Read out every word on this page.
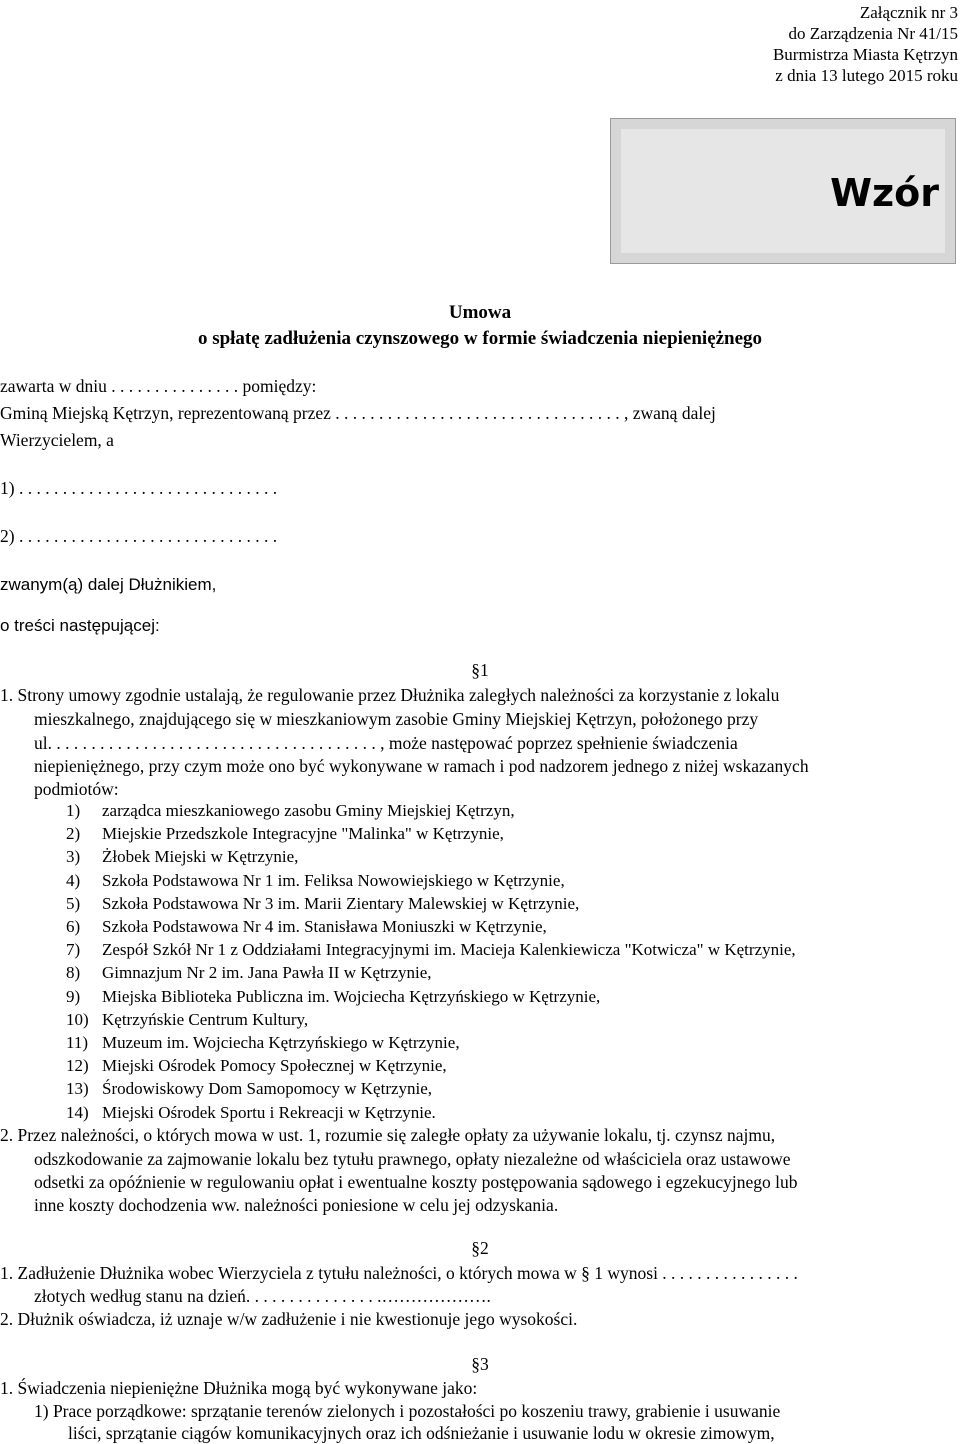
Załącznik nr 3
do Zarządzenia Nr 41/15
Burmistrza Miasta Kętrzyn
z dnia 13 lutego 2015 roku
Wzór
Umowa
o spłatę zadłużenia czynszowego w formie świadczenia niepieniężnego
zawarta w dniu . . . . . . . . . . . . . . . pomiędzy:
Gminą Miejską Kętrzyn, reprezentowaną przez . . . . . . . . . . . . . . . . . . . . . . . . . . . . . . . . . , zwaną dalej
Wierzycielem, a
1) . . . . . . . . . . . . . . . . . . . . . . . . . . . . . .
2) . . . . . . . . . . . . . . . . . . . . . . . . . . . . . .
zwanym(ą) dalej Dłużnikiem,
o treści następującej:
§1
1. Strony umowy zgodnie ustalają, że regulowanie przez Dłużnika zaległych należności za korzystanie z lokalu
mieszkalnego, znajdującego się w mieszkaniowym zasobie Gminy Miejskiej Kętrzyn, położonego przy
ul. . . . . . . . . . . . . . . . . . . . . . . . . . . . . . . . . . . . . . , może następować poprzez spełnienie świadczenia
niepieniężnego, przy czym może ono być wykonywane w ramach i pod nadzorem jednego z niżej wskazanych
podmiotów:
1) zarządca mieszkaniowego zasobu Gminy Miejskiej Kętrzyn,
2) Miejskie Przedszkole Integracyjne "Malinka" w Kętrzynie,
3) Żłobek Miejski w Kętrzynie,
4) Szkoła Podstawowa Nr 1 im. Feliksa Nowowiejskiego w Kętrzynie,
5) Szkoła Podstawowa Nr 3 im. Marii Zientary Malewskiej w Kętrzynie,
6) Szkoła Podstawowa Nr 4 im. Stanisława Moniuszki w Kętrzynie,
7) Zespół Szkół Nr 1 z Oddziałami Integracyjnymi im. Macieja Kalenkiewicza "Kotwicza" w Kętrzynie,
8) Gimnazjum Nr 2 im. Jana Pawła II w Kętrzynie,
9) Miejska Biblioteka Publiczna im. Wojciecha Kętrzyńskiego w Kętrzynie,
10) Kętrzyńskie Centrum Kultury,
11) Muzeum im. Wojciecha Kętrzyńskiego w Kętrzynie,
12) Miejski Ośrodek Pomocy Społecznej w Kętrzynie,
13) Środowiskowy Dom Samopomocy w Kętrzynie,
14) Miejski Ośrodek Sportu i Rekreacji w Kętrzynie.
2. Przez należności, o których mowa w ust. 1, rozumie się zaległe opłaty za używanie lokalu, tj. czynsz najmu,
odszkodowanie za zajmowanie lokalu bez tytułu prawnego, opłaty niezależne od właściciela oraz ustawowe
odsetki za opóźnienie w regulowaniu opłat i ewentualne koszty postępowania sądowego i egzekucyjnego lub
inne koszty dochodzenia ww. należności poniesione w celu jej odzyskania.
§2
1. Zadłużenie Dłużnika wobec Wierzyciela z tytułu należności, o których mowa w § 1 wynosi . . . . . . . . . . . . . . . .
złotych według stanu na dzień. . . . . . . . . . . . . . . .……………….
2. Dłużnik oświadcza, iż uznaje w/w zadłużenie i nie kwestionuje jego wysokości.
§3
1. Świadczenia niepieniężne Dłużnika mogą być wykonywane jako:
1) Prace porządkowe: sprzątanie terenów zielonych i pozostałości po koszeniu trawy, grabienie i usuwanie
liści, sprzątanie ciągów komunikacyjnych oraz ich odśnieżanie i usuwanie lodu w okresie zimowym,
